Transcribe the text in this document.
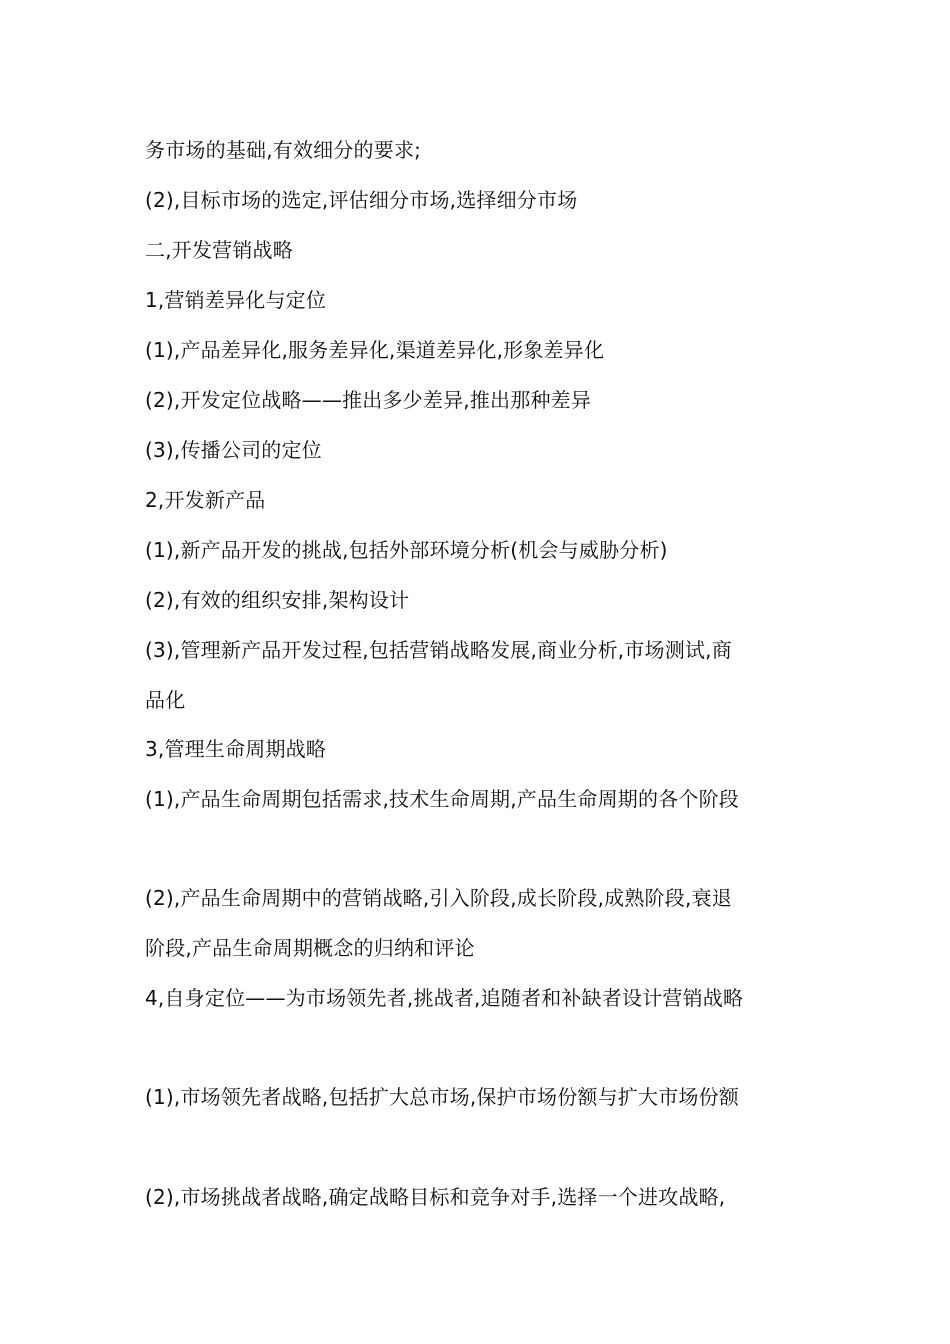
务市场的基础,有效细分的要求;

(2),目标市场的选定,评估细分市场,选择细分市场

二,开发营销战略

1,营销差异化与定位

(1),产品差异化,服务差异化,渠道差异化,形象差异化

(2),开发定位战略——推出多少差异,推出那种差异

(3),传播公司的定位

2,开发新产品

(1),新产品开发的挑战,包括外部环境分析(机会与威胁分析)

(2),有效的组织安排,架构设计

(3),管理新产品开发过程,包括营销战略发展,商业分析,市场测试,商

品化

3,管理生命周期战略

(1),产品生命周期包括需求,技术生命周期,产品生命周期的各个阶段

(2),产品生命周期中的营销战略,引入阶段,成长阶段,成熟阶段,衰退

阶段,产品生命周期概念的归纳和评论

4,自身定位——为市场领先者,挑战者,追随者和补缺者设计营销战略

(1),市场领先者战略,包括扩大总市场,保护市场份额与扩大市场份额

(2),市场挑战者战略,确定战略目标和竞争对手,选择一个进攻战略,
